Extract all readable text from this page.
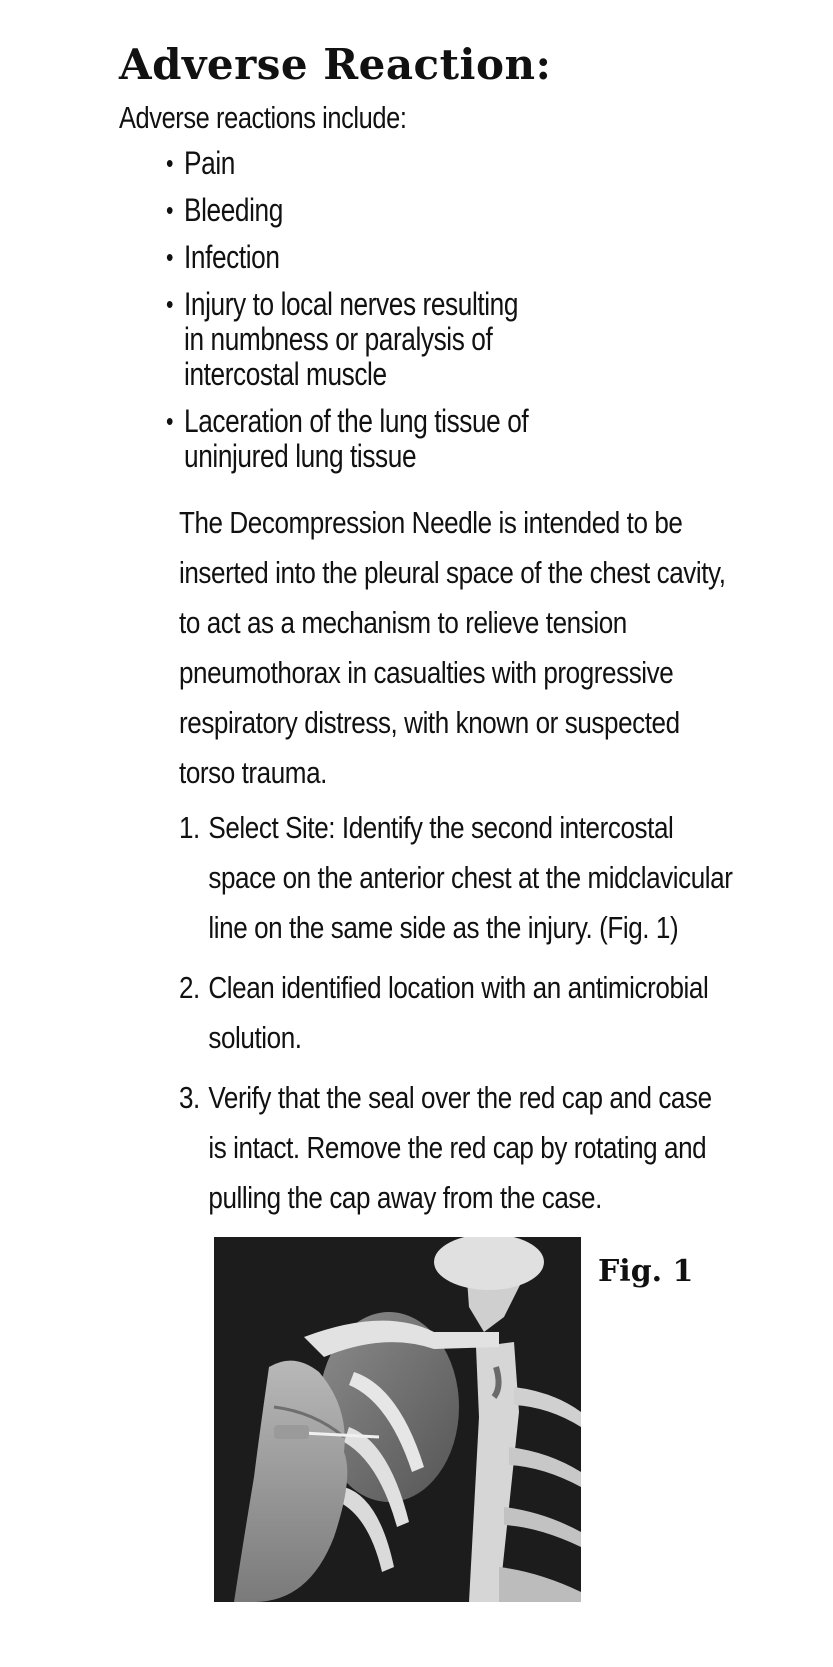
Adverse Reaction:

Adverse reactions include:

• Pain
• Bleeding
• Infection
• Injury to local nerves resulting in numbness or paralysis of intercostal muscle
• Laceration of the lung tissue of uninjured lung tissue

The Decompression Needle is intended to be inserted into the pleural space of the chest cavity, to act as a mechanism to relieve tension pneumothorax in casualties with progressive respiratory distress, with known or suspected torso trauma.

1. Select Site: Identify the second intercostal space on the anterior chest at the midclavicular line on the same side as the injury. (Fig. 1)
2. Clean identified location with an antimicrobial solution.
3. Verify that the seal over the red cap and case is intact. Remove the red cap by rotating and pulling the cap away from the case.

Fig. 1
